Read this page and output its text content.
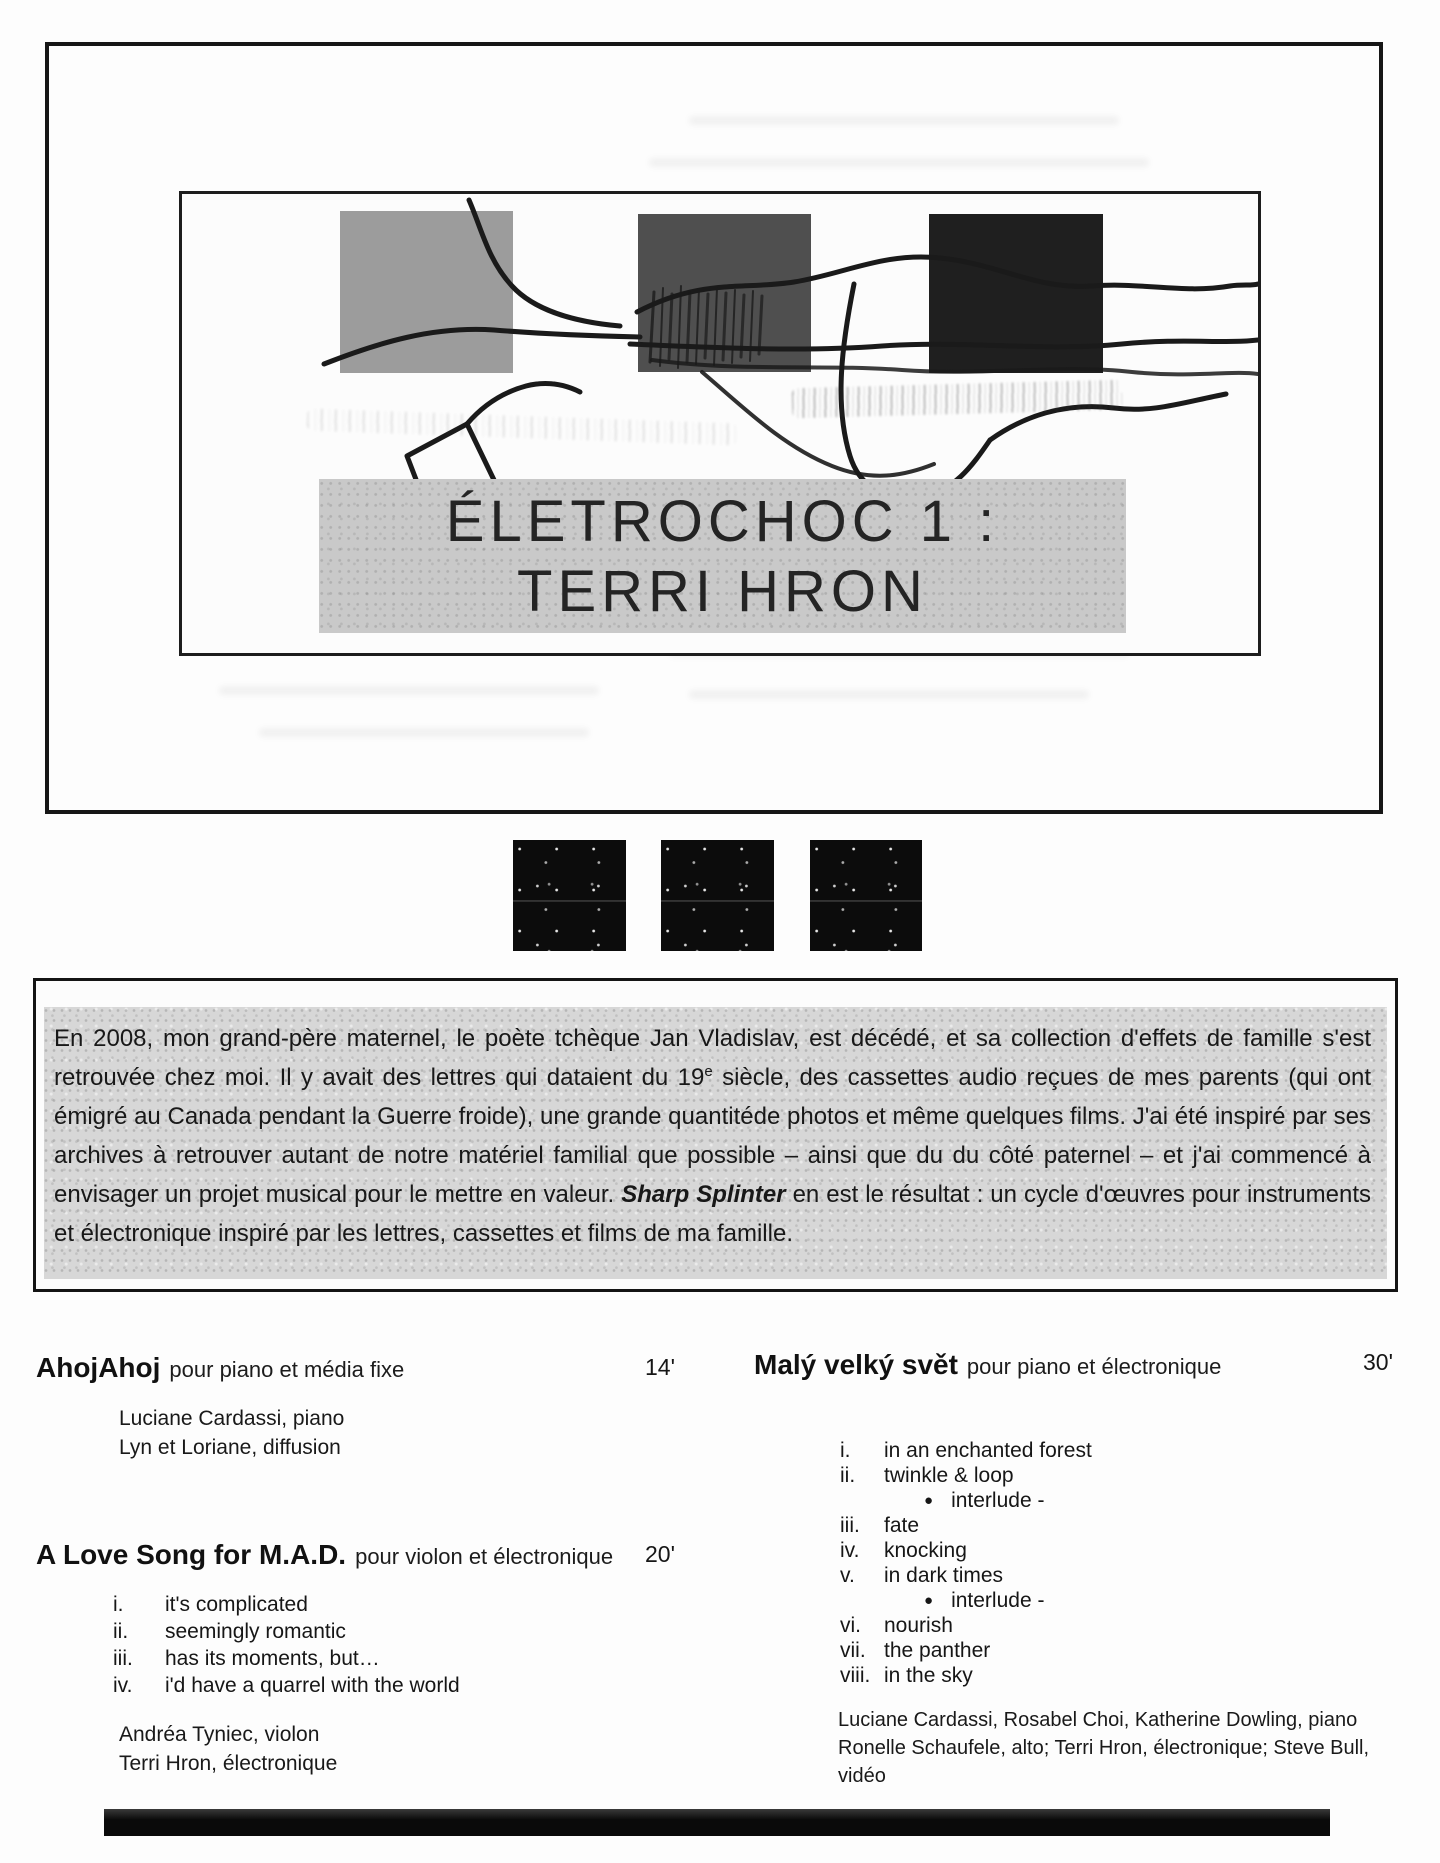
ÉLETROCHOC 1 :
TERRI HRON

En 2008, mon grand-père maternel, le poète tchèque Jan Vladislav, est décédé, et sa collection d'effets de famille s'est retrouvée chez moi. Il y avait des lettres qui dataient du 19e siècle, des cassettes audio reçues de mes parents (qui ont émigré au Canada pendant la Guerre froide), une grande quantitéde photos et même quelques films. J'ai été inspiré par ses archives à retrouver autant de notre matériel familial que possible – ainsi que du du côté paternel – et j'ai commencé à envisager un projet musical pour le mettre en valeur. Sharp Splinter en est le résultat : un cycle d'œuvres pour instruments et électronique inspiré par les lettres, cassettes et films de ma famille.

AhojAhoj pour piano et média fixe	14'
Luciane Cardassi, piano
Lyn et Loriane, diffusion
A Love Song for M.A.D. pour violon et électronique 20'
i.	it's complicated
ii.	seemingly romantic
iii.	has its moments, but…
iv.	i'd have a quarrel with the world
Andréa Tyniec, violon
Terri Hron, électronique
Malý velký svět pour piano et électronique	30'
i.	in an enchanted forest
ii.	twinkle & loop
● interlude -
iii.	fate
iv.	knocking
v.	in dark times
● interlude -
vi.	nourish
vii. the panther
viii. in the sky
Luciane Cardassi, Rosabel Choi, Katherine Dowling, piano
Ronelle Schaufele, alto; Terri Hron, électronique; Steve Bull,
vidéo
